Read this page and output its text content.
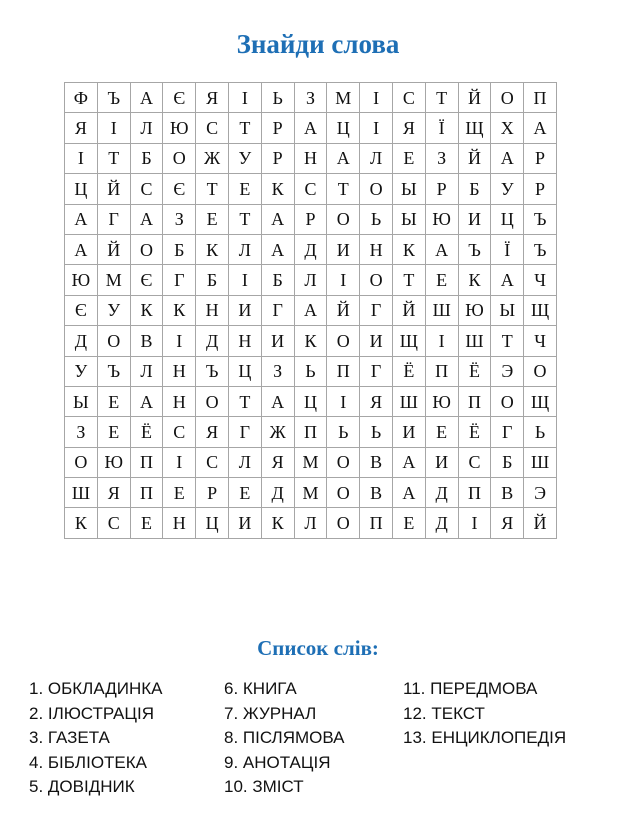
Знайди слова
Ф	Ъ	А	Є	Я	І	Ь	З	М	І	С	Т	Й	О	П
Я	І	Л	Ю	С	Т	Р	А	Ц	І	Я	Ї	Щ	Х	А
І	Т	Б	О	Ж	У	Р	Н	А	Л	Е	З	Й	А	Р
Ц	Й	С	Є	Т	Е	К	С	Т	О	Ы	Р	Б	У	Р
А	Г	А	З	Е	Т	А	Р	О	Ь	Ы	Ю	И	Ц	Ъ
А	Й	О	Б	К	Л	А	Д	И	Н	К	А	Ъ	Ї	Ъ
Ю	М	Є	Г	Б	І	Б	Л	І	О	Т	Е	К	А	Ч
Є	У	К	К	Н	И	Г	А	Й	Г	Й	Ш	Ю	Ы	Щ
Д	О	В	І	Д	Н	И	К	О	И	Щ	І	Ш	Т	Ч
У	Ъ	Л	Н	Ъ	Ц	З	Ь	П	Г	Ё	П	Ё	Э	О
Ы	Е	А	Н	О	Т	А	Ц	І	Я	Ш	Ю	П	О	Щ
З	Е	Ё	С	Я	Г	Ж	П	Ь	Ь	И	Е	Ё	Г	Ь
О	Ю	П	І	С	Л	Я	М	О	В	А	И	С	Б	Ш
Ш	Я	П	Е	Р	Е	Д	М	О	В	А	Д	П	В	Э
К	С	Е	Н	Ц	И	К	Л	О	П	Е	Д	І	Я	Й
Список слів:
1. ОБКЛАДИНКА
2. ІЛЮСТРАЦІЯ
3. ГАЗЕТА
4. БІБЛІОТЕКА
5. ДОВІДНИК
6. КНИГА
7. ЖУРНАЛ
8. ПІСЛЯМОВА
9. АНОТАЦІЯ
10. ЗМІСТ
11. ПЕРЕДМОВА
12. ТЕКСТ
13. ЕНЦИКЛОПЕДІЯ
